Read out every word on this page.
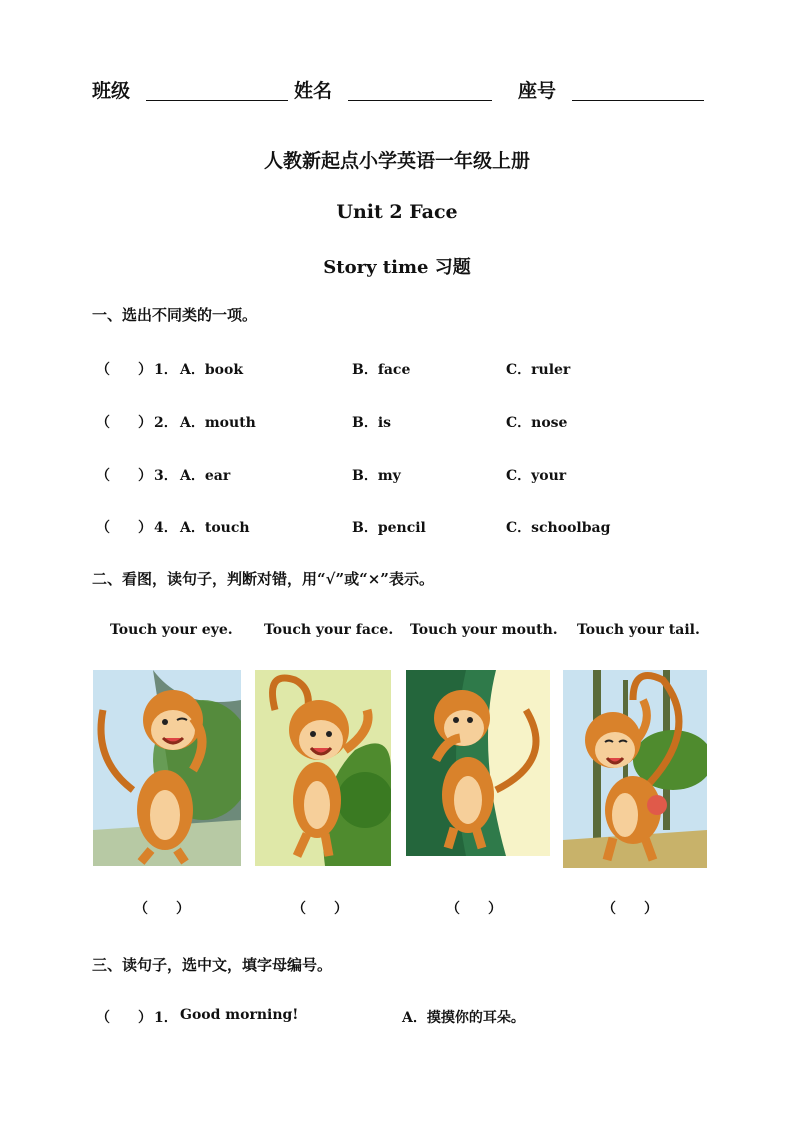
班级	姓名	座号
人教新起点小学英语一年级上册
Unit 2 Face
Story time 习题
一、选出不同类的一项。
（　　） 1． A．book	B．face	C．ruler
（　　） 2． A．mouth	B．is	C．nose
（　　） 3． A．ear	B．my	C．your
（　　） 4． A．touch	B．pencil	C．schoolbag
二、看图，读句子，判断对错，用“√”或“×”表示。
Touch your eye. Touch your face. Touch your mouth. Touch your tail.
（　　）	（　　）	（　　）	（　　）
三、读句子，选中文，填字母编号。
（　　） 1． Good morning!	A．摸摸你的耳朵。
